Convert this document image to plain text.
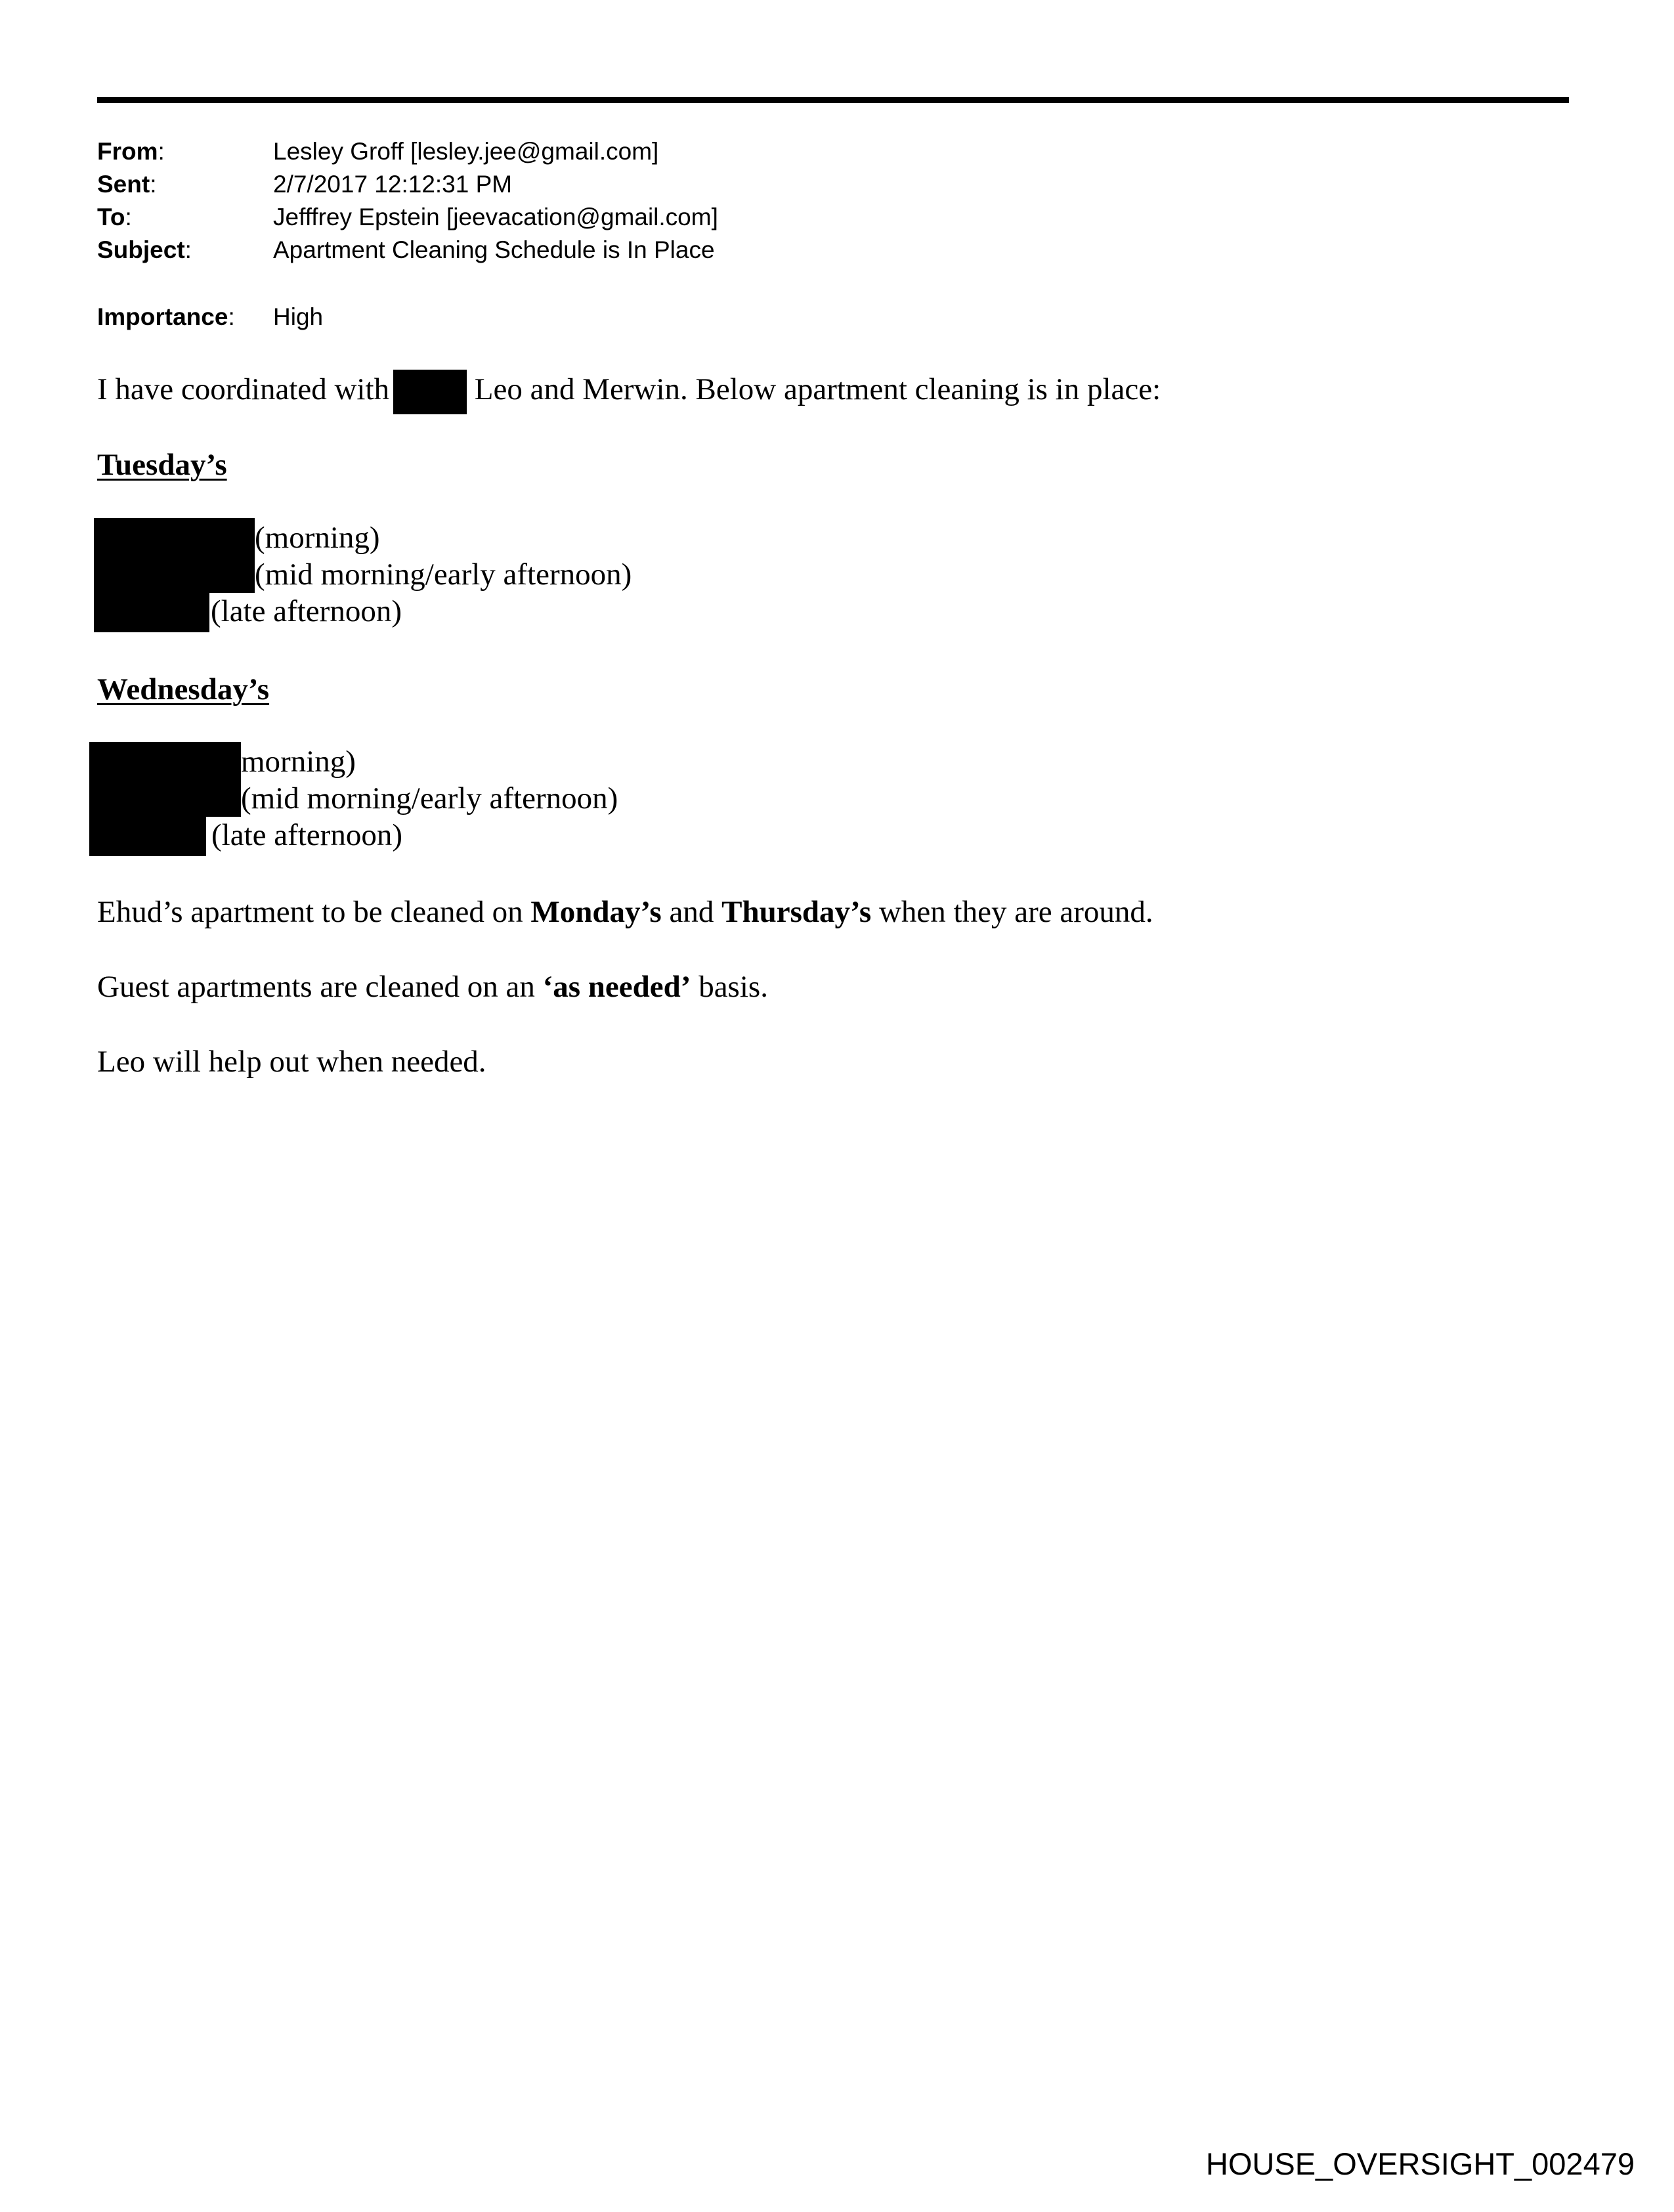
From:	Lesley Groff [lesley.jee@gmail.com]
Sent:	2/7/2017 12:12:31 PM
To:	Jefffrey Epstein [jeevacation@gmail.com]
Subject:	Apartment Cleaning Schedule is In Place
Importance: High
I have coordinated with	Leo and Merwin. Below apartment cleaning is in place:
Tuesday’s
(morning)
(mid morning/early afternoon)
(late afternoon)
Wednesday’s
morning)
(mid morning/early afternoon)
(late afternoon)
Ehud’s apartment to be cleaned on Monday’s and Thursday’s when they are around.
Guest apartments are cleaned on an ‘as needed’ basis.
Leo will help out when needed.
HOUSE_OVERSIGHT_002479
